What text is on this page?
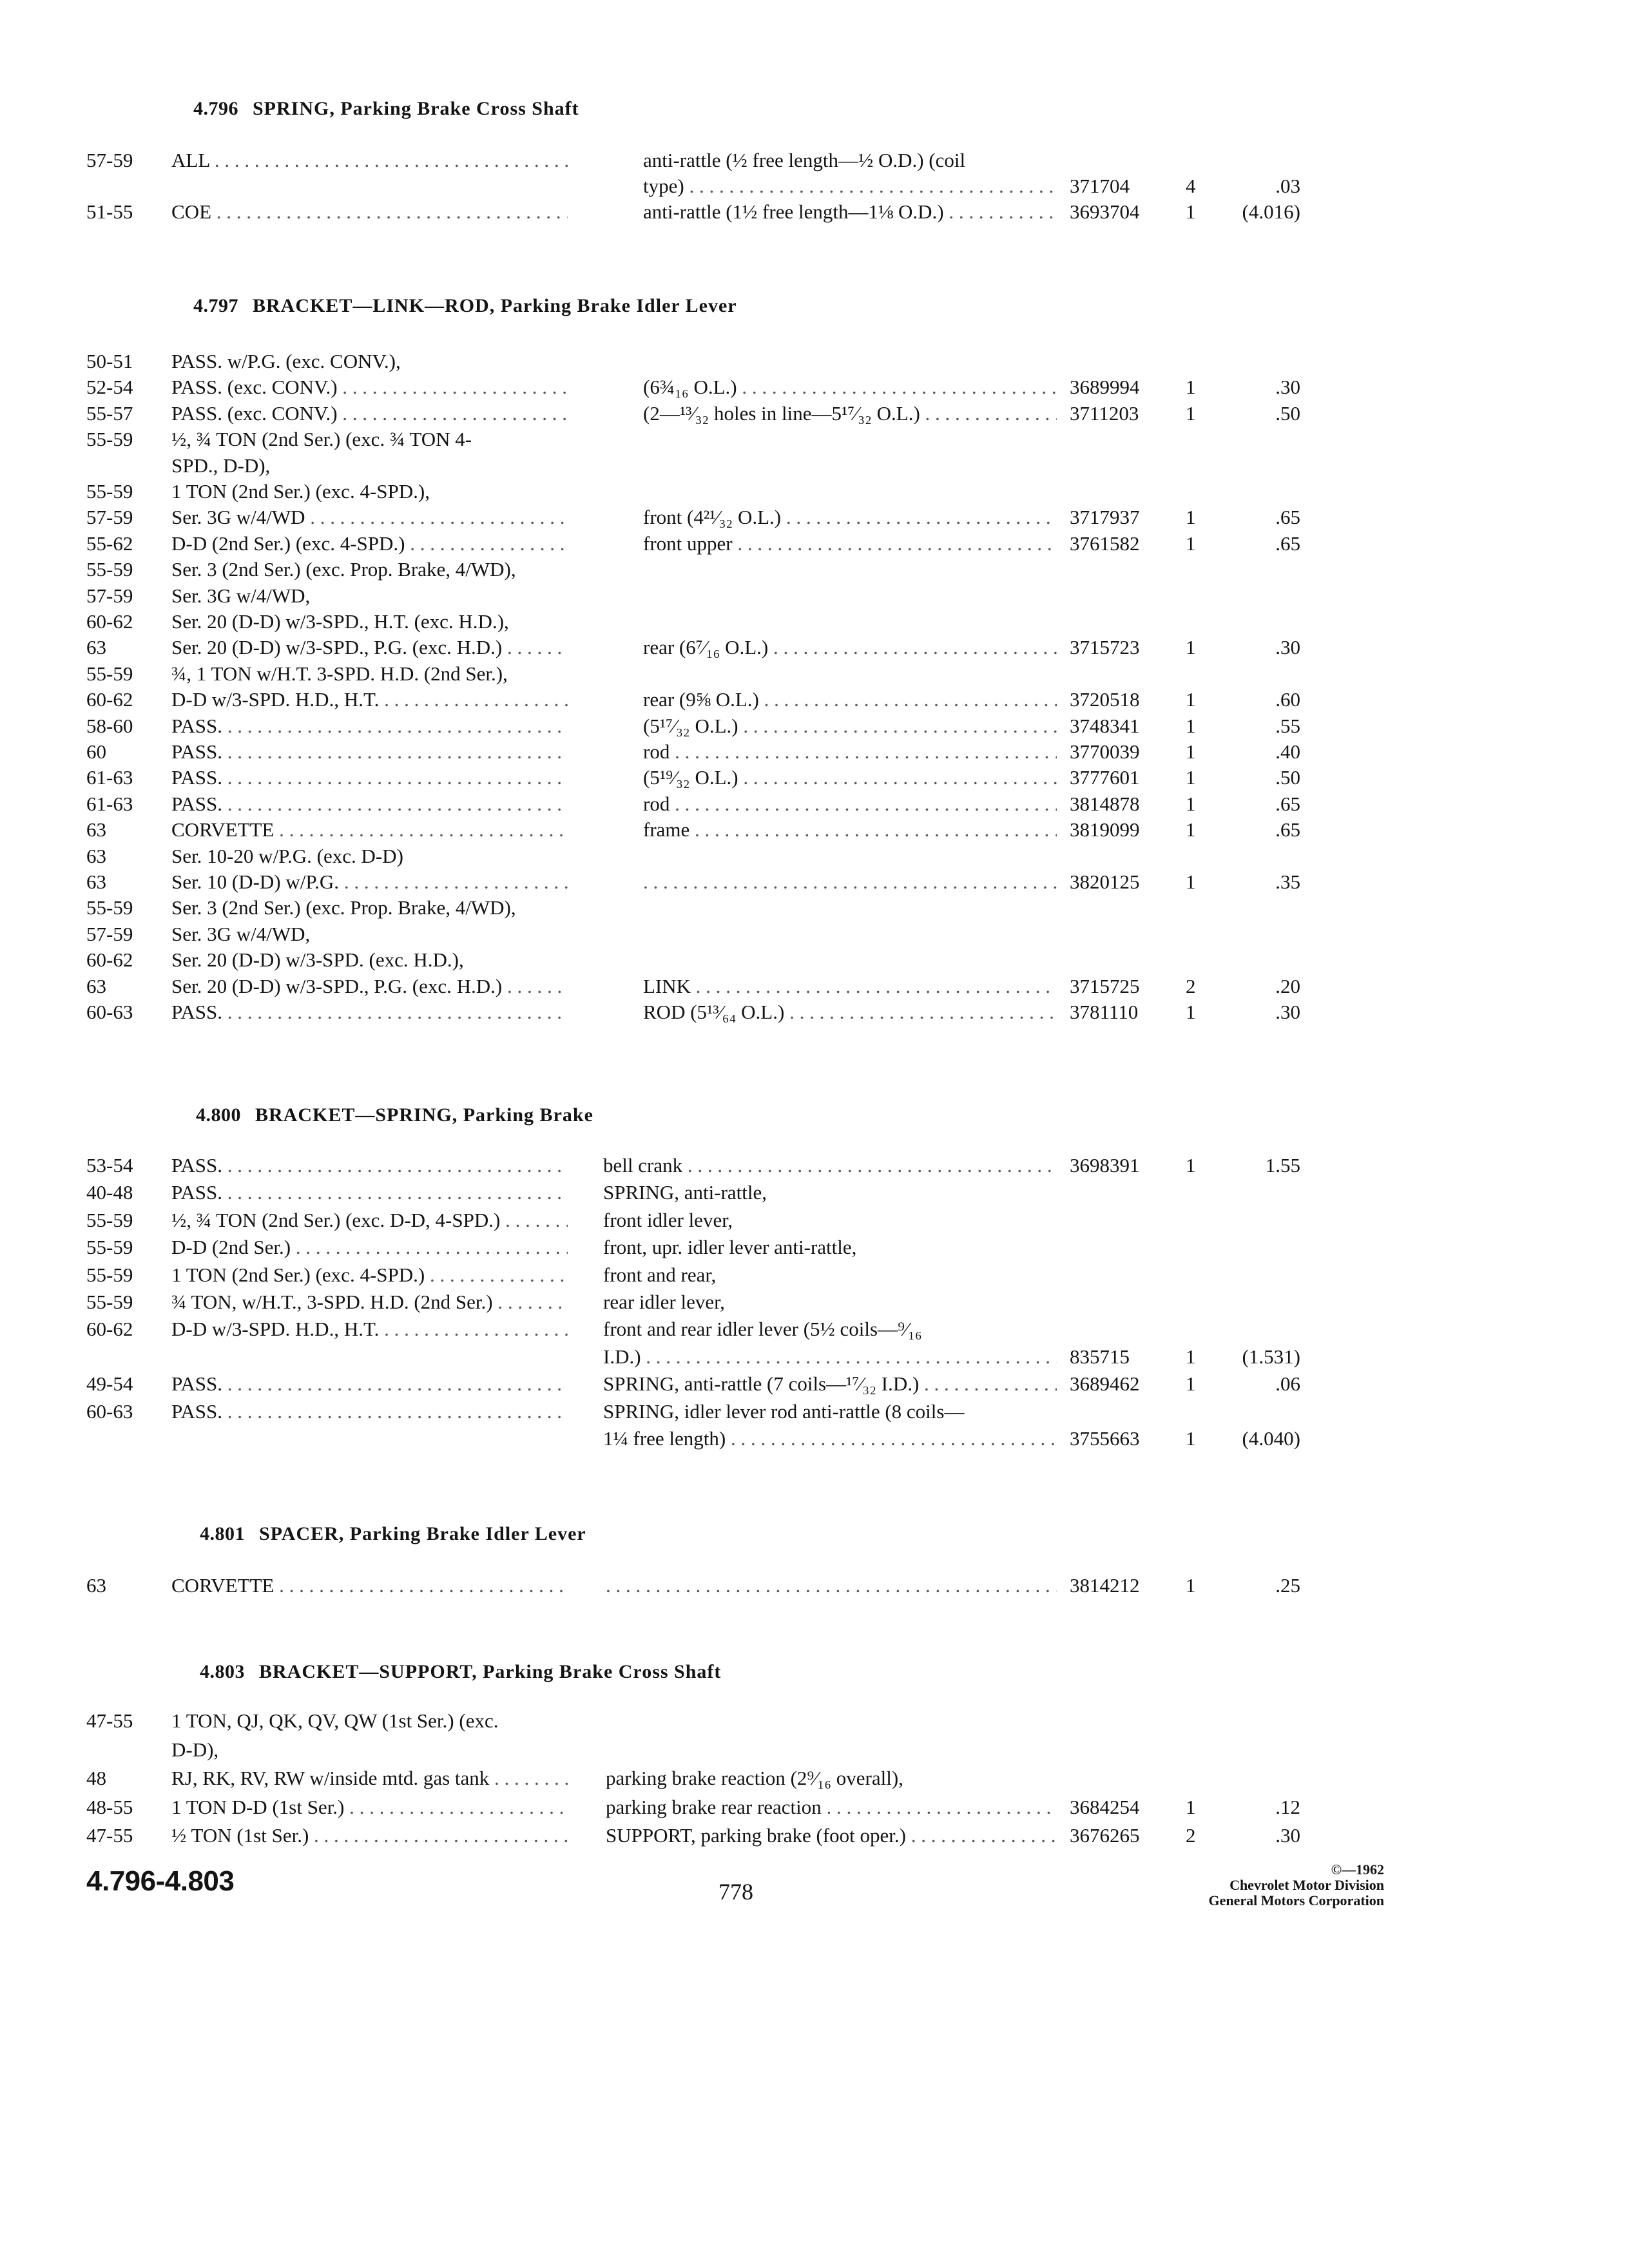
4.796 SPRING, Parking Brake Cross Shaft
57-59 ALL . . .	anti-rattle (½ free length—½ O.D.) (coil
type) . . .	371704	4	.03
51-55 COE . . .	anti-rattle (1½ free length—1⅛ O.D.) . . .	3693704 1	(4.016)
4.797 BRACKET—LINK—ROD, Parking Brake Idler Lever
50-51 PASS. w/P.G. (exc. CONV.),
52-54 PASS. (exc. CONV.) . . .	(6¾₁₆ O.L.) . . .	3689994 1	.30
55-57 PASS. (exc. CONV.) . . .	(2—¹³⁄₃₂ holes in line—5¹⁷⁄₃₂ O.L.) . . .	3711203 1	.50
55-59 ½, ¾ TON (2nd Ser.) (exc. ¾ TON 4-
SPD., D-D),
55-59 1 TON (2nd Ser.) (exc. 4-SPD.),
57-59 Ser. 3G w/4/WD . . .	front (4²¹⁄₃₂ O.L.) . . .	3717937 1	.65
55-62 D-D (2nd Ser.) (exc. 4-SPD.) . . .	front upper . . .	3761582 1	.65
55-59 Ser. 3 (2nd Ser.) (exc. Prop. Brake, 4/WD),
57-59 Ser. 3G w/4/WD,
60-62 Ser. 20 (D-D) w/3-SPD., H.T. (exc. H.D.),
63	Ser. 20 (D-D) w/3-SPD., P.G. (exc. H.D.) . . .	rear (6⁷⁄₁₆ O.L.) . . .	3715723 1	.30
55-59 ¾, 1 TON w/H.T. 3-SPD. H.D. (2nd Ser.),
60-62 D-D w/3-SPD. H.D., H.T. . . .	rear (9⅝ O.L.) . . .	3720518 1	.60
58-60 PASS. . . .	(5¹⁷⁄₃₂ O.L.) . . .	3748341 1	.55
60	PASS. . . .	rod . . .	3770039 1	.40
61-63 PASS. . . .	(5¹⁹⁄₃₂ O.L.) . . .	3777601 1	.50
61-63 PASS. . . .	rod . . .	3814878 1	.65
63	CORVETTE . . .	frame . . .	3819099 1	.65
63	Ser. 10-20 w/P.G. (exc. D-D)
63	Ser. 10 (D-D) w/P.G. . . . . . .	3820125 1	.35
55-59 Ser. 3 (2nd Ser.) (exc. Prop. Brake, 4/WD),
57-59 Ser. 3G w/4/WD,
60-62 Ser. 20 (D-D) w/3-SPD. (exc. H.D.),
63	Ser. 20 (D-D) w/3-SPD., P.G. (exc. H.D.) . . .	LINK . . .	3715725 2	.20
60-63 PASS. . . .	ROD (5¹³⁄₆₄ O.L.) . . .	3781110 1	.30
4.800 BRACKET—SPRING, Parking Brake
53-54 PASS. . . .	bell crank . . .	3698391 1	1.55
40-48 PASS. . . .	SPRING, anti-rattle,
55-59 ½, ¾ TON (2nd Ser.) (exc. D-D, 4-SPD.) . . .	front idler lever,
55-59 D-D (2nd Ser.) . . .	front, upr. idler lever anti-rattle,
55-59 1 TON (2nd Ser.) (exc. 4-SPD.) . . .	front and rear,
55-59 ¾ TON, w/H.T., 3-SPD. H.D. (2nd Ser.) . . .	rear idler lever,
60-62 D-D w/3-SPD. H.D., H.T. . . .	front and rear idler lever (5½ coils—⁹⁄₁₆
I.D.) . . .	835715	1	(1.531)
49-54 PASS. . . .	SPRING, anti-rattle (7 coils—¹⁷⁄₃₂ I.D.) . . .	3689462 1	.06
60-63 PASS. . . .	SPRING, idler lever rod anti-rattle (8 coils—
1¼ free length) . . .	3755663 1	(4.040)
4.801 SPACER, Parking Brake Idler Lever
63	CORVETTE . . . . . .	3814212 1	.25
4.803 BRACKET—SUPPORT, Parking Brake Cross Shaft
47-55 1 TON, QJ, QK, QV, QW (1st Ser.) (exc.
D-D),
48	RJ, RK, RV, RW w/inside mtd. gas tank . . .	parking brake reaction (2⁹⁄₁₆ overall),
48-55 1 TON D-D (1st Ser.) . . .	parking brake rear reaction . . .	3684254 1	.12
47-55 ½ TON (1st Ser.) . . .	SUPPORT, parking brake (foot oper.) . . .	3676265 2	.30
4.796-4.803	778
©—1962
Chevrolet Motor Division
General Motors Corporation
